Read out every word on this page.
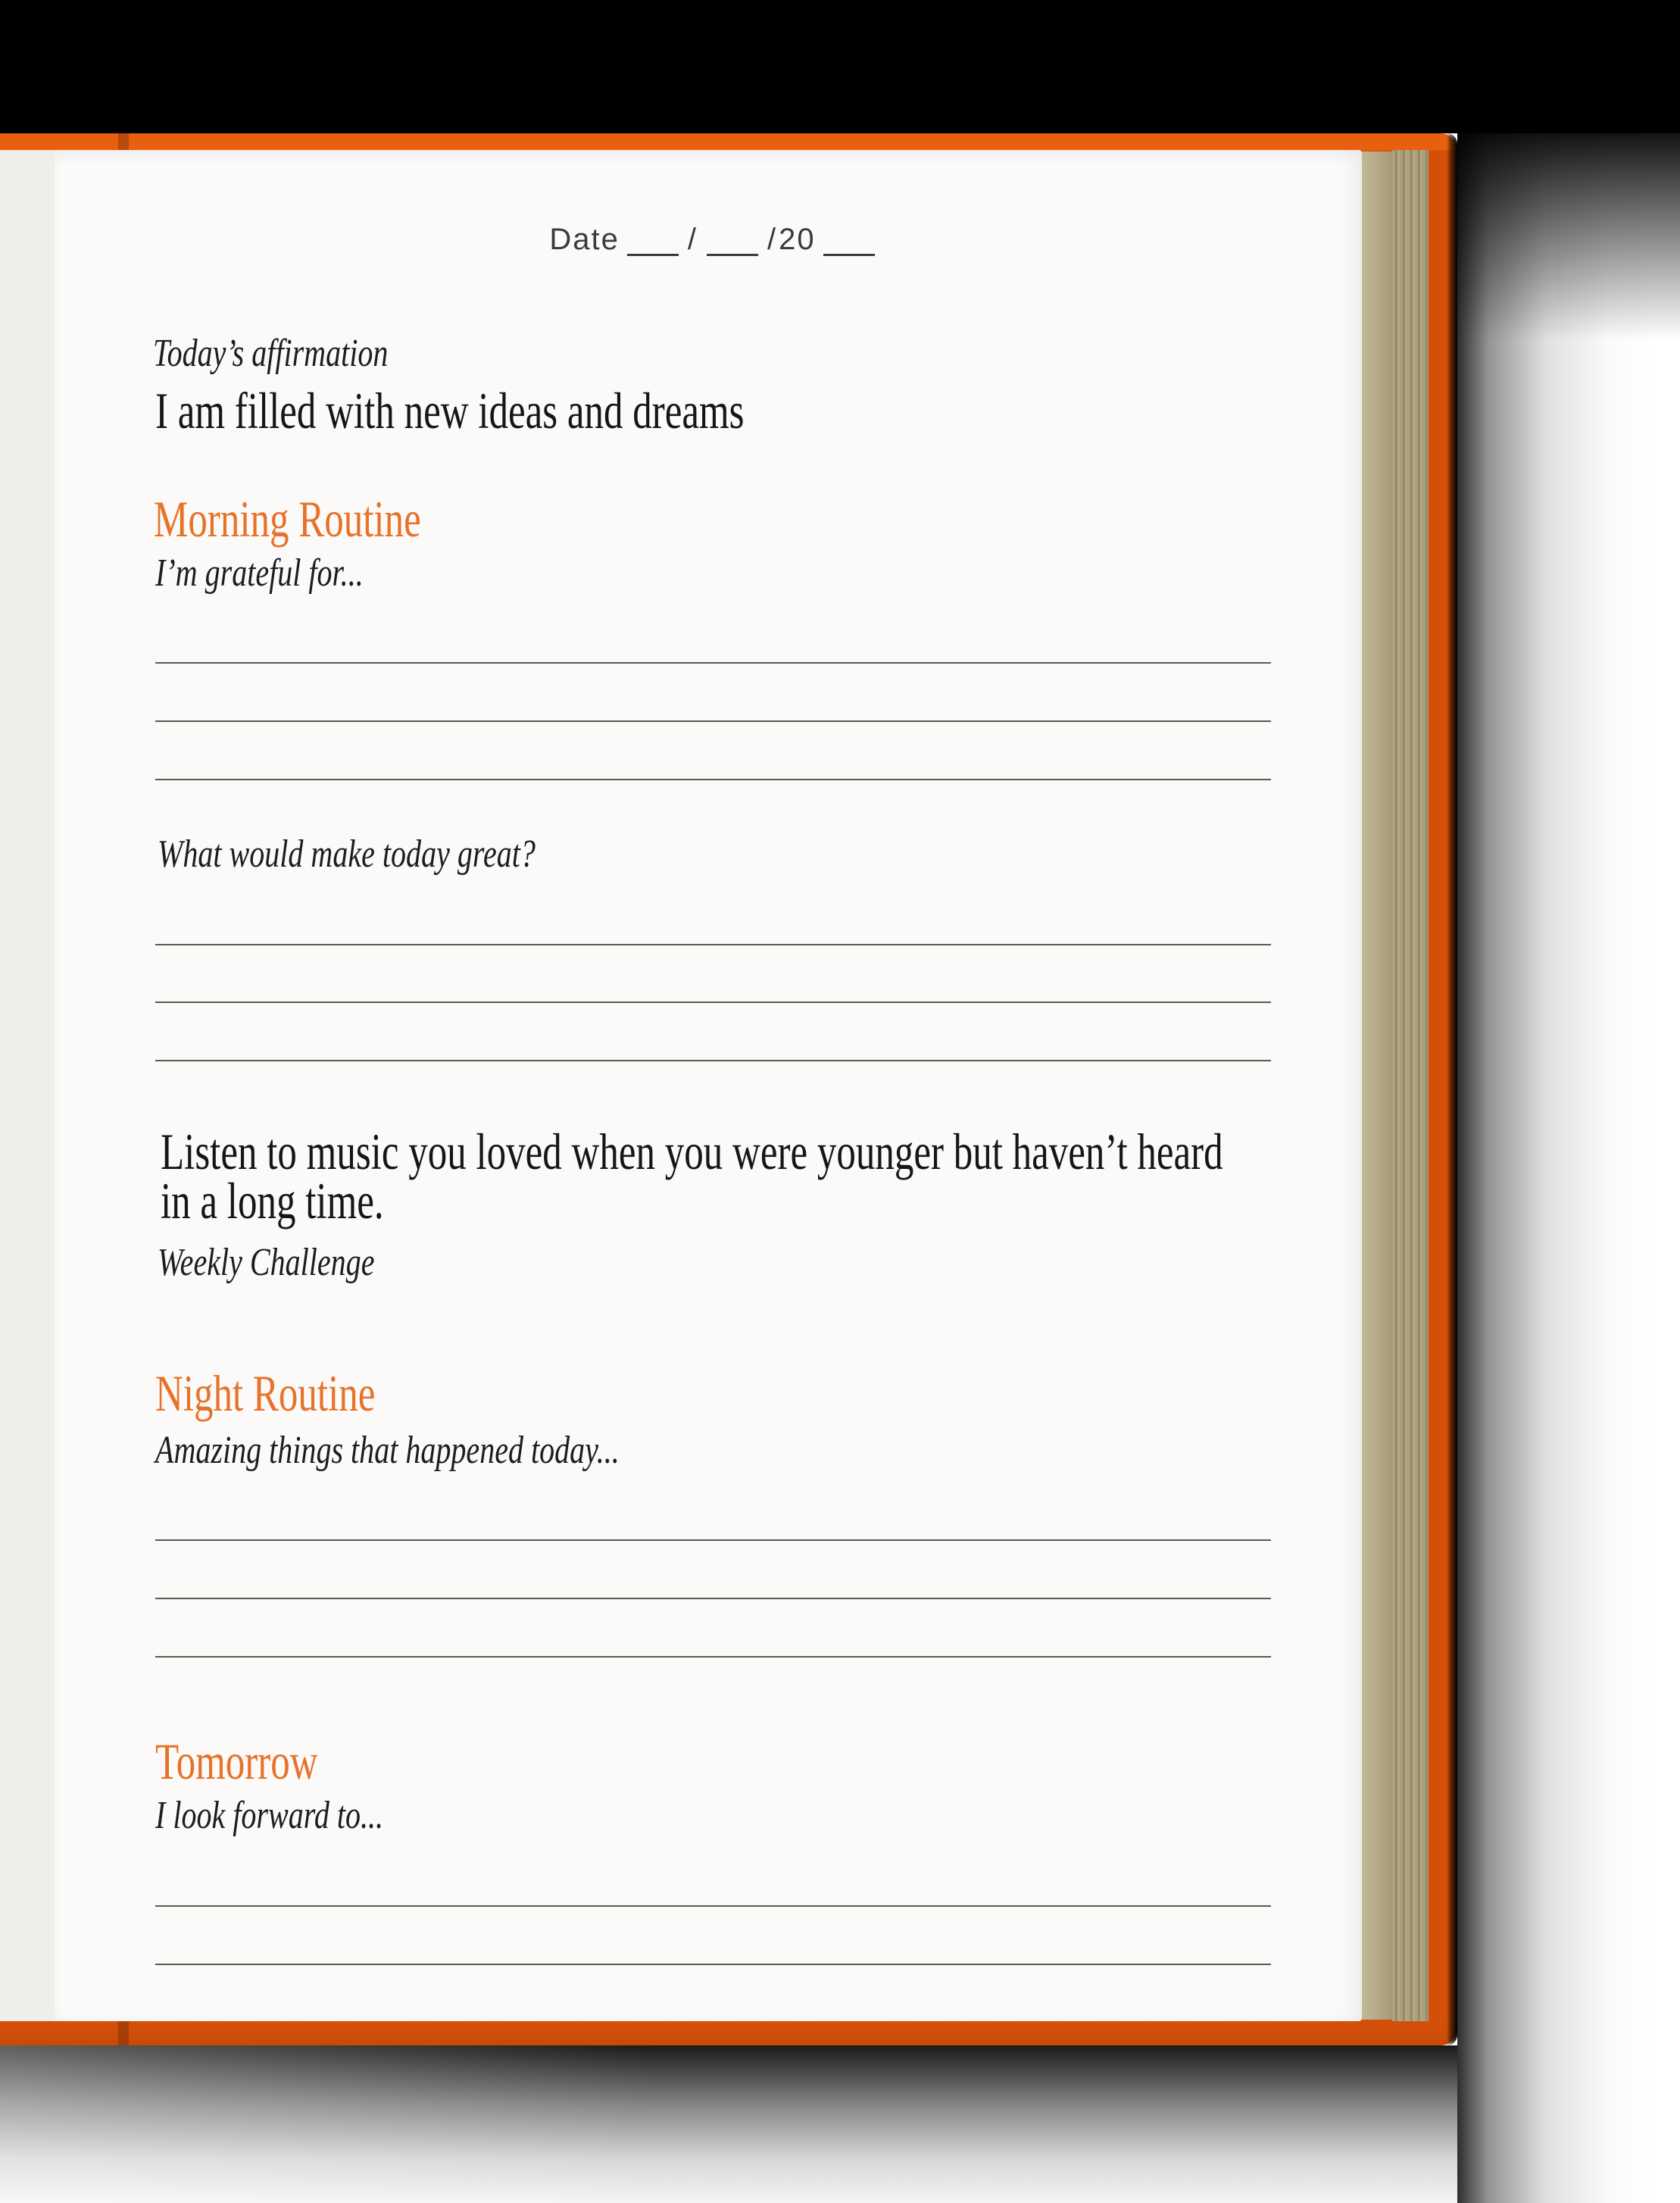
Date / / 20
Today’s affirmation
I am filled with new ideas and dreams
Morning Routine
I’m grateful for...
What would make today great?
Listen to music you loved when you were younger but haven’t heard in a long time.
Weekly Challenge
Night Routine
Amazing things that happened today...
Tomorrow
I look forward to...
